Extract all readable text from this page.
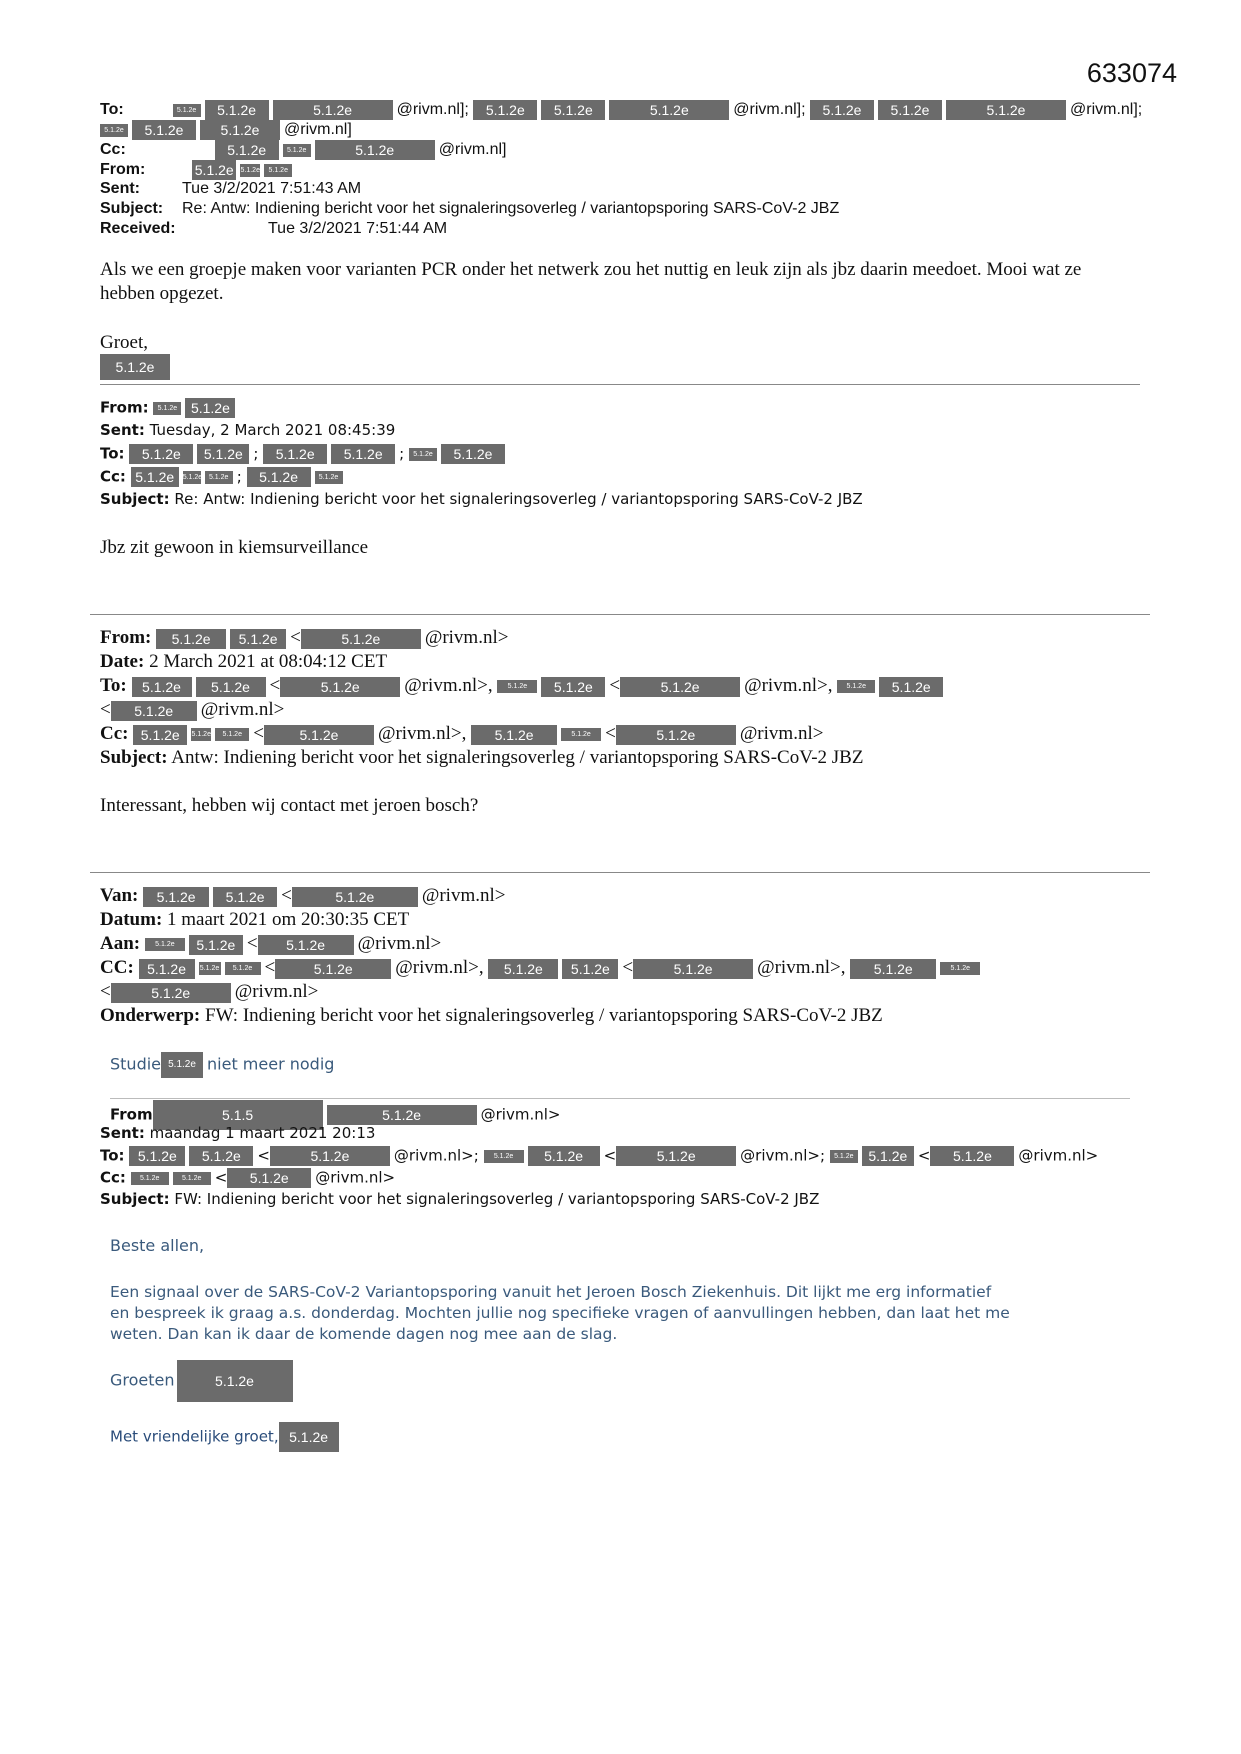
633074
To:	5.1.2e 5.1.2e	5.1.2e	@rivm.nl]; 5.1.2e 5.1.2e	5.1.2e	@rivm.nl]; 5.1.2e 5.1.2e	5.1.2e	@rivm.nl];
5.1.2e 5.1.2e	5.1.2e @rivm.nl]
Cc:	5.1.2e	5.1.2e	5.1.2e	@rivm.nl]
From:	5.1.2e 5.1.2e 5.1.2e
Sent:	Tue 3/2/2021 7:51:43 AM
Subject: Re: Antw: Indiening bericht voor het signaleringsoverleg / variantopsporing SARS-CoV-2 JBZ
Received:	Tue 3/2/2021 7:51:44 AM
Als we een groepje maken voor varianten PCR onder het netwerk zou het nuttig en leuk zijn als jbz daarin meedoet. Mooi wat ze hebben opgezet.
Groet,
5.1.2e
From: 5.1.2e 5.1.2e
Sent: Tuesday, 2 March 2021 08:45:39
To: 5.1.2e 5.1.2e ; 5.1.2e 5.1.2e ; 5.1.2e 5.1.2e
Cc: 5.1.2e 5.1.2e 5.1.2e ; 5.1.2e	5.1.2e
Subject: Re: Antw: Indiening bericht voor het signaleringsoverleg / variantopsporing SARS-CoV-2 JBZ
Jbz zit gewoon in kiemsurveillance
From: 5.1.2e 5.1.2e <	5.1.2e @rivm.nl>
Date: 2 March 2021 at 08:04:12 CET
To: 5.1.2e 5.1.2e <	5.1.2e @rivm.nl>, 5.1.2e 5.1.2e <	5.1.2e @rivm.nl>, 5.1.2e 5.1.2e
< 5.1.2e @rivm.nl>
Cc: 5.1.2e 5.1.2e 5.1.2e <	5.1.2e @rivm.nl>, 5.1.2e	5.1.2e <	5.1.2e @rivm.nl>
Subject: Antw: Indiening bericht voor het signaleringsoverleg / variantopsporing SARS-CoV-2 JBZ
Interessant, hebben wij contact met jeroen bosch?
Van: 5.1.2e 5.1.2e <	5.1.2e	@rivm.nl>
Datum: 1 maart 2021 om 20:30:35 CET
Aan: 5.1.2e 5.1.2e < 5.1.2e @rivm.nl>
CC: 5.1.2e 5.1.2e 5.1.2e <	5.1.2e @rivm.nl>, 5.1.2e 5.1.2e <	5.1.2e @rivm.nl>, 5.1.2e	5.1.2e
<	5.1.2e @rivm.nl>
Onderwerp: FW: Indiening bericht voor het signaleringsoverleg / variantopsporing SARS-CoV-2 JBZ
Studie 5.1.2e niet meer nodig
From	5.1.5	5.1.2e	@rivm.nl>
Sent: maandag 1 maart 2021 20:13
To: 5.1.2e 5.1.2e <	5.1.2e	@rivm.nl>; 5.1.2e 5.1.2e <	5.1.2e	@rivm.nl>; 5.1.2e 5.1.2e < 5.1.2e @rivm.nl>
Cc: 5.1.2e	5.1.2e < 5.1.2e @rivm.nl>
Subject: FW: Indiening bericht voor het signaleringsoverleg / variantopsporing SARS-CoV-2 JBZ
Beste allen,
Een signaal over de SARS-CoV-2 Variantopsporing vanuit het Jeroen Bosch Ziekenhuis. Dit lijkt me erg informatief
en bespreek ik graag a.s. donderdag. Mochten jullie nog specifieke vragen of aanvullingen hebben, dan laat het me
weten. Dan kan ik daar de komende dagen nog mee aan de slag.
Groeten	5.1.2e
Met vriendelijke groet, 5.1.2e
